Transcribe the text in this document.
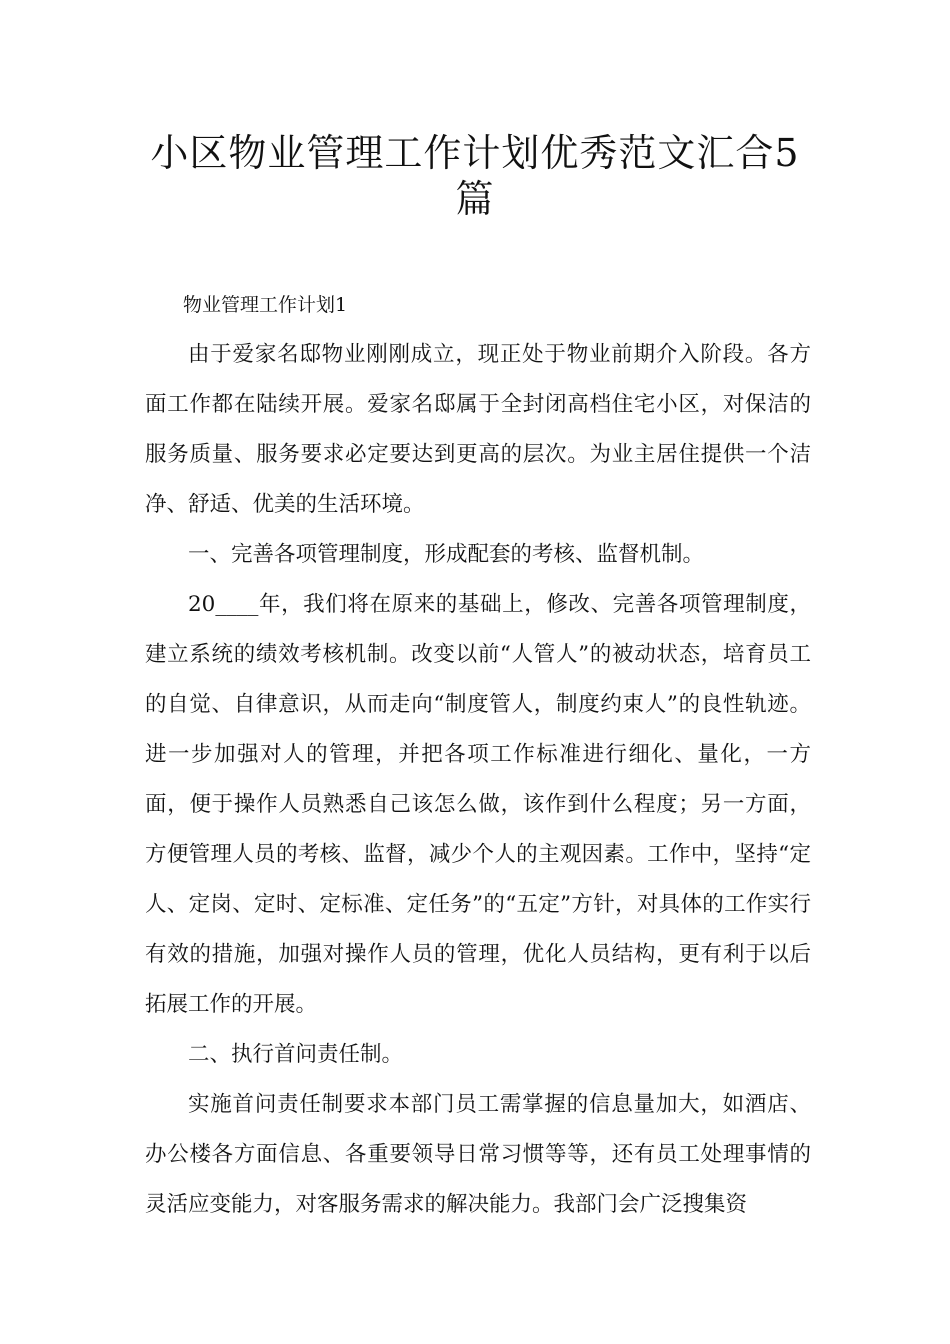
小区物业管理工作计划优秀范文汇合5
篇

物业管理工作计划1

由于爱家名邸物业刚刚成立，现正处于物业前期介入阶段。各方面工作都在陆续开展。爱家名邸属于全封闭高档住宅小区，对保洁的服务质量、服务要求必定要达到更高的层次。为业主居住提供一个洁净、舒适、优美的生活环境。

一、完善各项管理制度，形成配套的考核、监督机制。

20____年，我们将在原来的基础上，修改、完善各项管理制度，建立系统的绩效考核机制。改变以前“人管人”的被动状态，培育员工的自觉、自律意识，从而走向“制度管人，制度约束人”的良性轨迹。进一步加强对人的管理，并把各项工作标准进行细化、量化，一方面，便于操作人员熟悉自己该怎么做，该作到什么程度；另一方面，方便管理人员的考核、监督，减少个人的主观因素。工作中，坚持“定人、定岗、定时、定标准、定任务”的“五定”方针，对具体的工作实行有效的措施，加强对操作人员的管理，优化人员结构，更有利于以后拓展工作的开展。

二、执行首问责任制。

实施首问责任制要求本部门员工需掌握的信息量加大，如酒店、办公楼各方面信息、各重要领导日常习惯等等，还有员工处理事情的灵活应变能力，对客服务需求的解决能力。我部门会广泛搜集资
